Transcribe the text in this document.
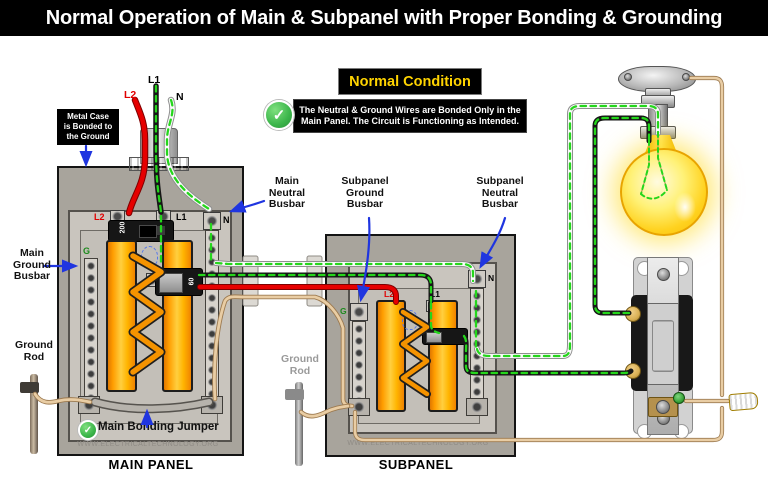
Normal Operation of Main & Subpanel with Proper Bonding & Grounding
G
N
200
L2	L1
60
✓ Main Bonding Jumper
WWW.ELECTRICALTECHNOLOGY.ORG
MAIN PANEL
N
G
L2	L1
WWW.ELECTRICALTECHNOLOGY.ORG
SUBPANEL
Ground
Rod	Ground
Rod
L1
L2	N
Normal Condition
The Neutral & Ground Wires are Bonded Only in the
Main Panel. The Circuit is Functioning as Intended.
✓
Metal Case
is Bonded to
the Ground
Main
Neutral
Busbar
Subpanel
Ground
Busbar
Subpanel
Neutral
Busbar
Main
Ground
Busbar
